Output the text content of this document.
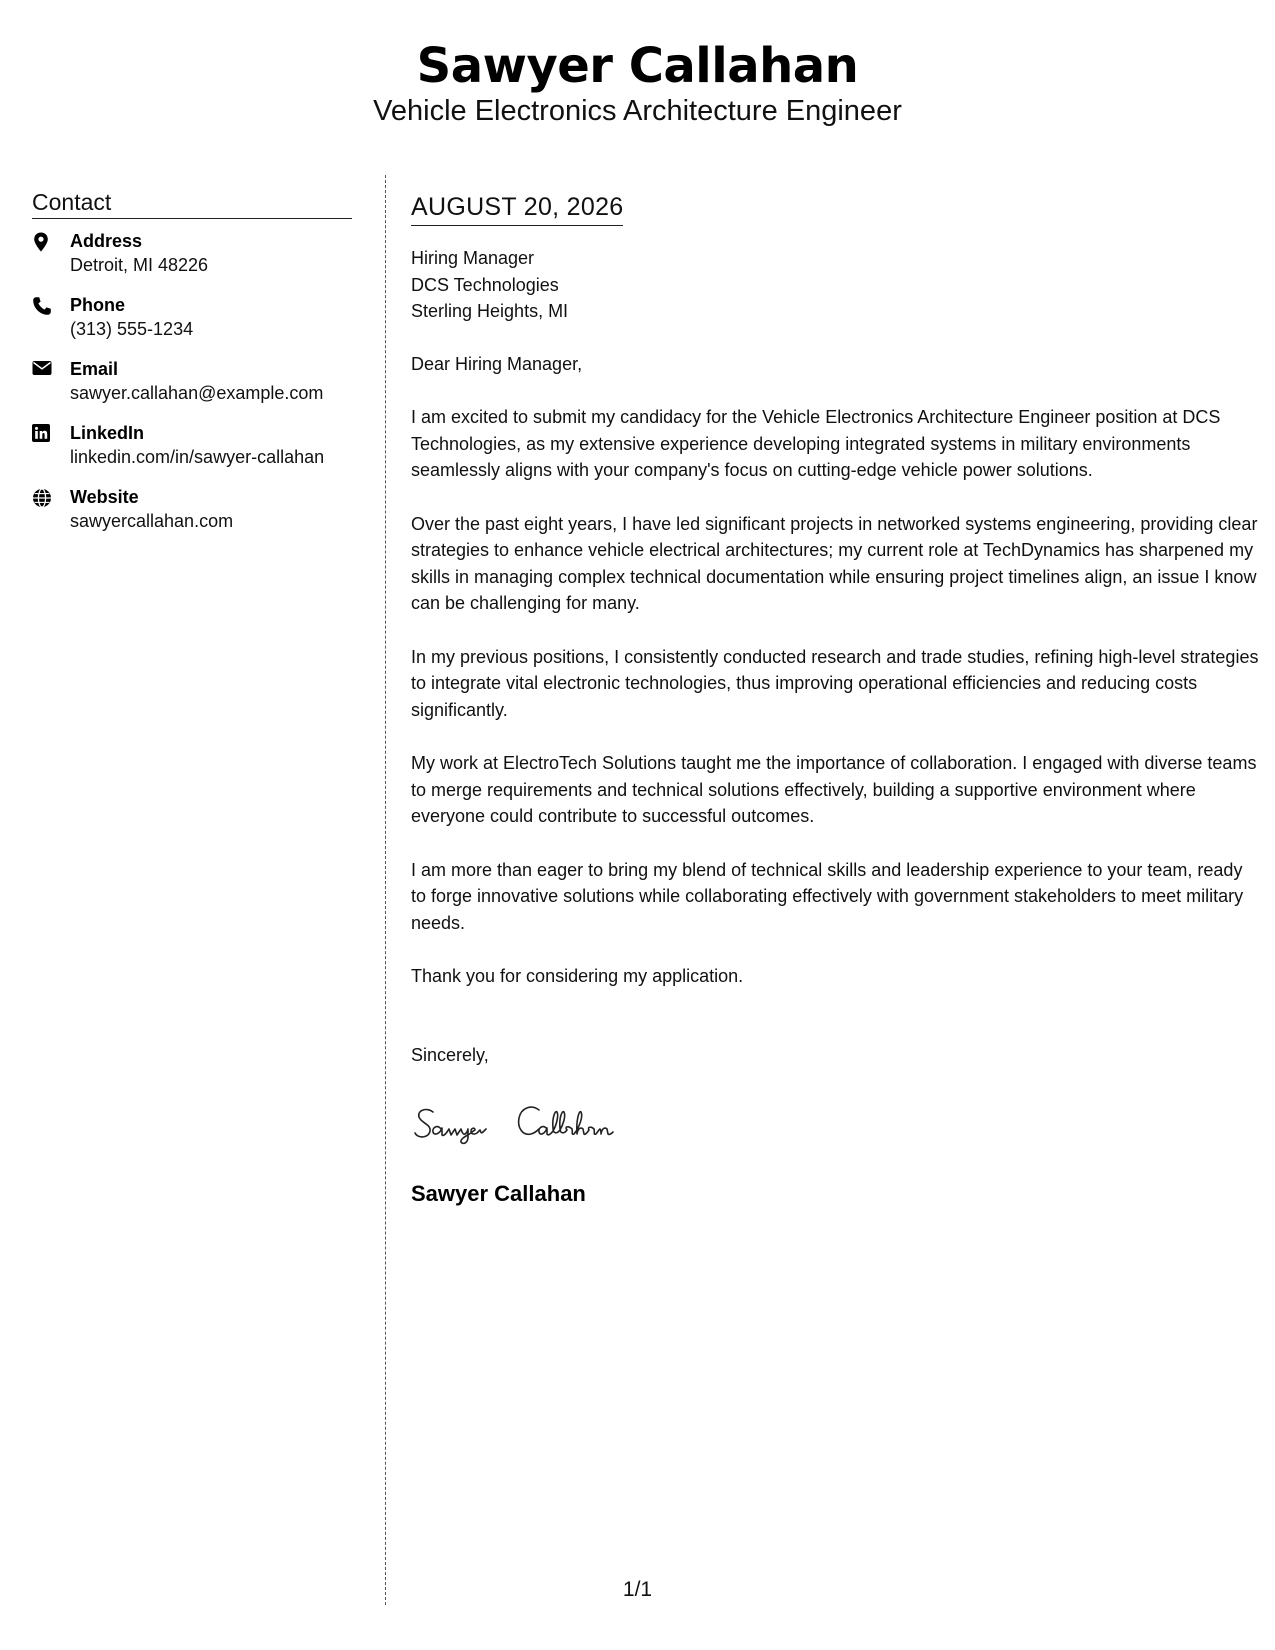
Sawyer Callahan
Vehicle Electronics Architecture Engineer
Contact
Address
Detroit, MI 48226
Phone
(313) 555-1234
Email
sawyer.callahan@example.com
LinkedIn
linkedin.com/in/sawyer-callahan
Website
sawyercallahan.com
AUGUST 20, 2026
Hiring Manager
DCS Technologies
Sterling Heights, MI
Dear Hiring Manager,
I am excited to submit my candidacy for the Vehicle Electronics Architecture Engineer position at DCS Technologies, as my extensive experience developing integrated systems in military environments seamlessly aligns with your company's focus on cutting-edge vehicle power solutions.
Over the past eight years, I have led significant projects in networked systems engineering, providing clear strategies to enhance vehicle electrical architectures; my current role at TechDynamics has sharpened my skills in managing complex technical documentation while ensuring project timelines align, an issue I know can be challenging for many.
In my previous positions, I consistently conducted research and trade studies, refining high-level strategies to integrate vital electronic technologies, thus improving operational efficiencies and reducing costs significantly.
My work at ElectroTech Solutions taught me the importance of collaboration. I engaged with diverse teams to merge requirements and technical solutions effectively, building a supportive environment where everyone could contribute to successful outcomes.
I am more than eager to bring my blend of technical skills and leadership experience to your team, ready to forge innovative solutions while collaborating effectively with government stakeholders to meet military needs.
Thank you for considering my application.
Sincerely,
Sawyer Callahan
1/1
